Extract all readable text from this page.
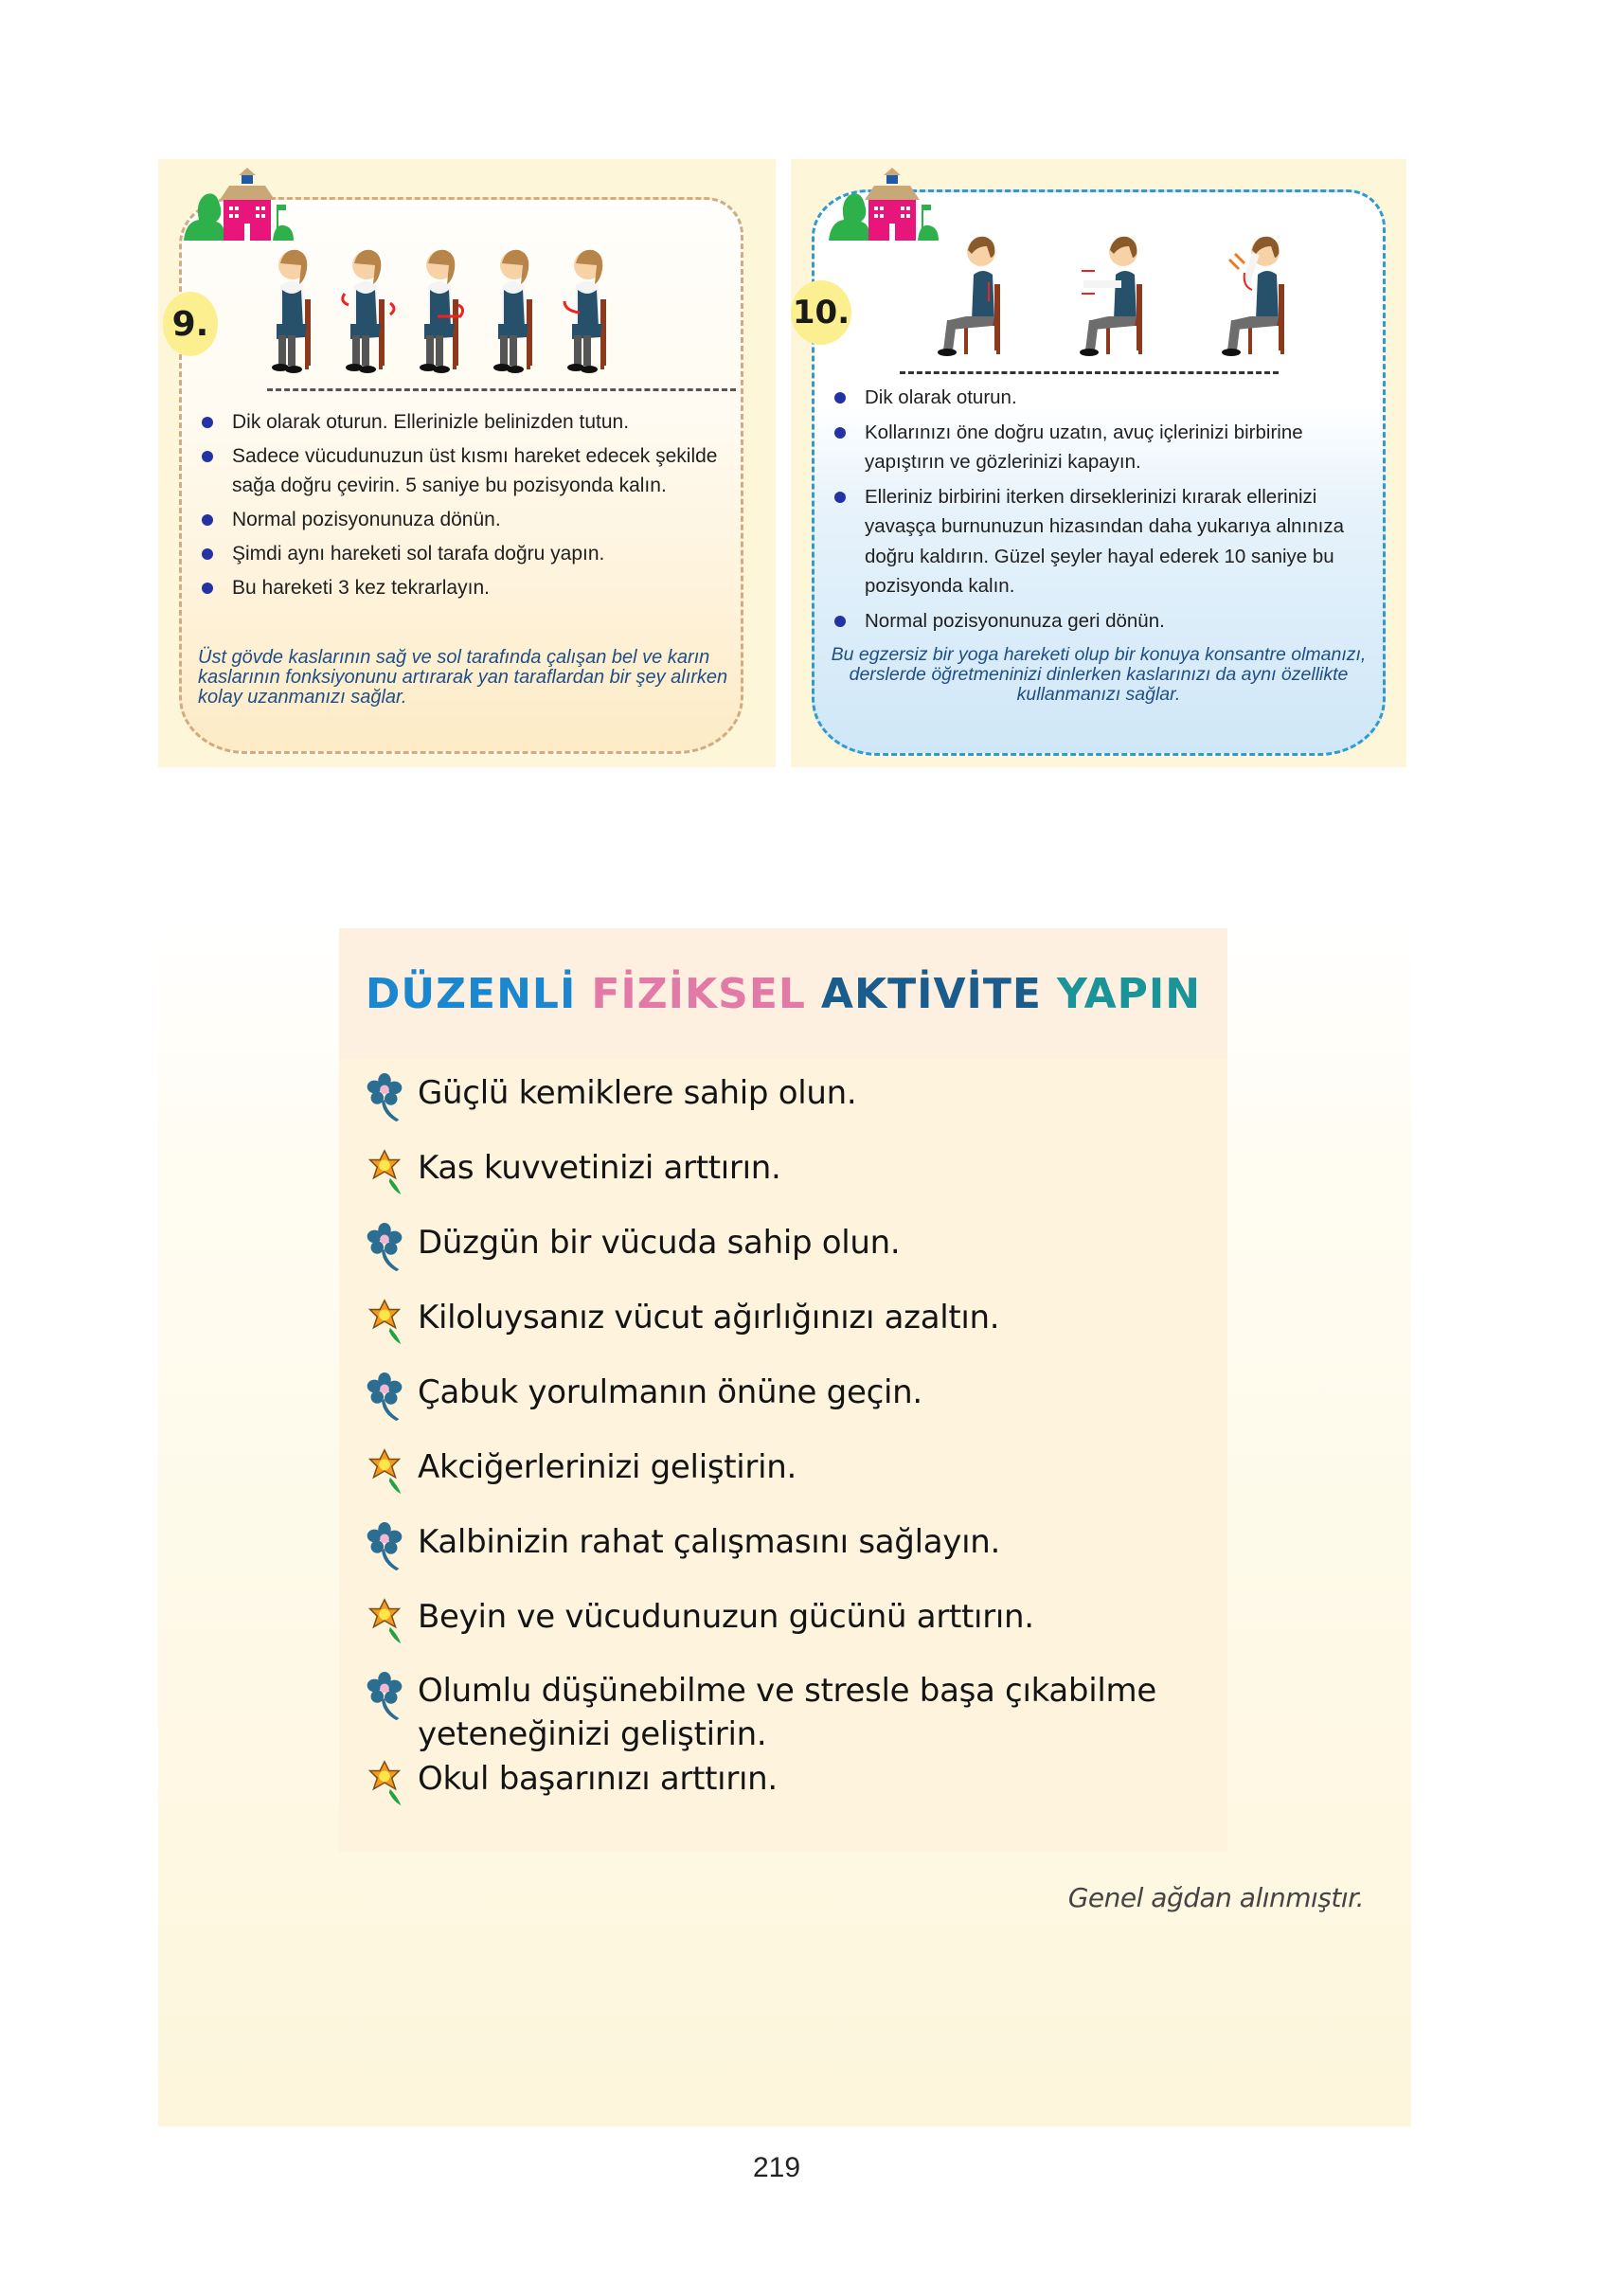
9.
Dik olarak oturun. Ellerinizle belinizden tutun.
Sadece vücudunuzun üst kısmı hareket edecek şekilde sağa doğru çevirin. 5 saniye bu pozisyonda kalın.
Normal pozisyonunuza dönün.
Şimdi aynı hareketi sol tarafa doğru yapın.
Bu hareketi 3 kez tekrarlayın.
Üst gövde kaslarının sağ ve sol tarafında çalışan bel ve karın kaslarının fonksiyonunu artırarak yan taraflardan bir şey alırken kolay uzanmanızı sağlar.
10.
Dik olarak oturun.
Kollarınızı öne doğru uzatın, avuç içlerinizi birbirine yapıştırın ve gözlerinizi kapayın.
Elleriniz birbirini iterken dirseklerinizi kırarak ellerinizi yavaşça burnunuzun hizasından daha yukarıya alnınıza doğru kaldırın. Güzel şeyler hayal ederek 10 saniye bu pozisyonda kalın.
Normal pozisyonunuza geri dönün.
Bu egzersiz bir yoga hareketi olup bir konuya konsantre olmanızı, derslerde öğretmeninizi dinlerken kaslarınızı da aynı özellikte kullanmanızı sağlar.
DÜZENLİ FİZİKSEL AKTİVİTE YAPIN
Güçlü kemiklere sahip olun.
Kas kuvvetinizi arttırın.
Düzgün bir vücuda sahip olun.
Kiloluysanız vücut ağırlığınızı azaltın.
Çabuk yorulmanın önüne geçin.
Akciğerlerinizi geliştirin.
Kalbinizin rahat çalışmasını sağlayın.
Beyin ve vücudunuzun gücünü arttırın.
Olumlu düşünebilme ve stresle başa çıkabilme yeteneğinizi geliştirin.
Okul başarınızı arttırın.
Genel ağdan alınmıştır.
219
